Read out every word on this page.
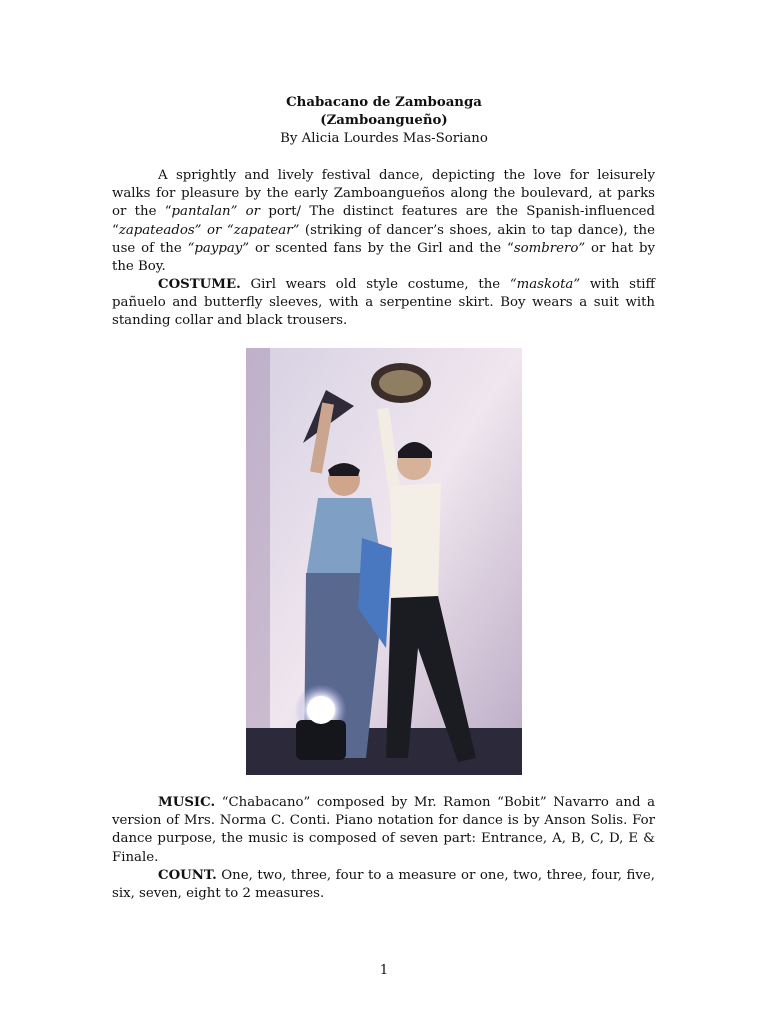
Chabacano de Zamboanga
(Zamboangueño)
By Alicia Lourdes Mas-Soriano

A sprightly and lively festival dance, depicting the love for leisurely walks for pleasure by the early Zamboangueños along the boulevard, at parks or the “pantalan” or port/ The distinct features are the Spanish-influenced “zapateados” or “zapatear” (striking of dancer’s shoes, akin to tap dance), the use of the “paypay” or scented fans by the Girl and the “sombrero” or hat by the Boy.

COSTUME. Girl wears old style costume, the “maskota” with stiff pañuelo and butterfly sleeves, with a serpentine skirt. Boy wears a suit with standing collar and black trousers.

MUSIC. “Chabacano” composed by Mr. Ramon “Bobit” Navarro and a version of Mrs. Norma C. Conti. Piano notation for dance is by Anson Solis. For dance purpose, the music is composed of seven part: Entrance, A, B, C, D, E & Finale.

COUNT. One, two, three, four to a measure or one, two, three, four, five, six, seven, eight to 2 measures.

1
